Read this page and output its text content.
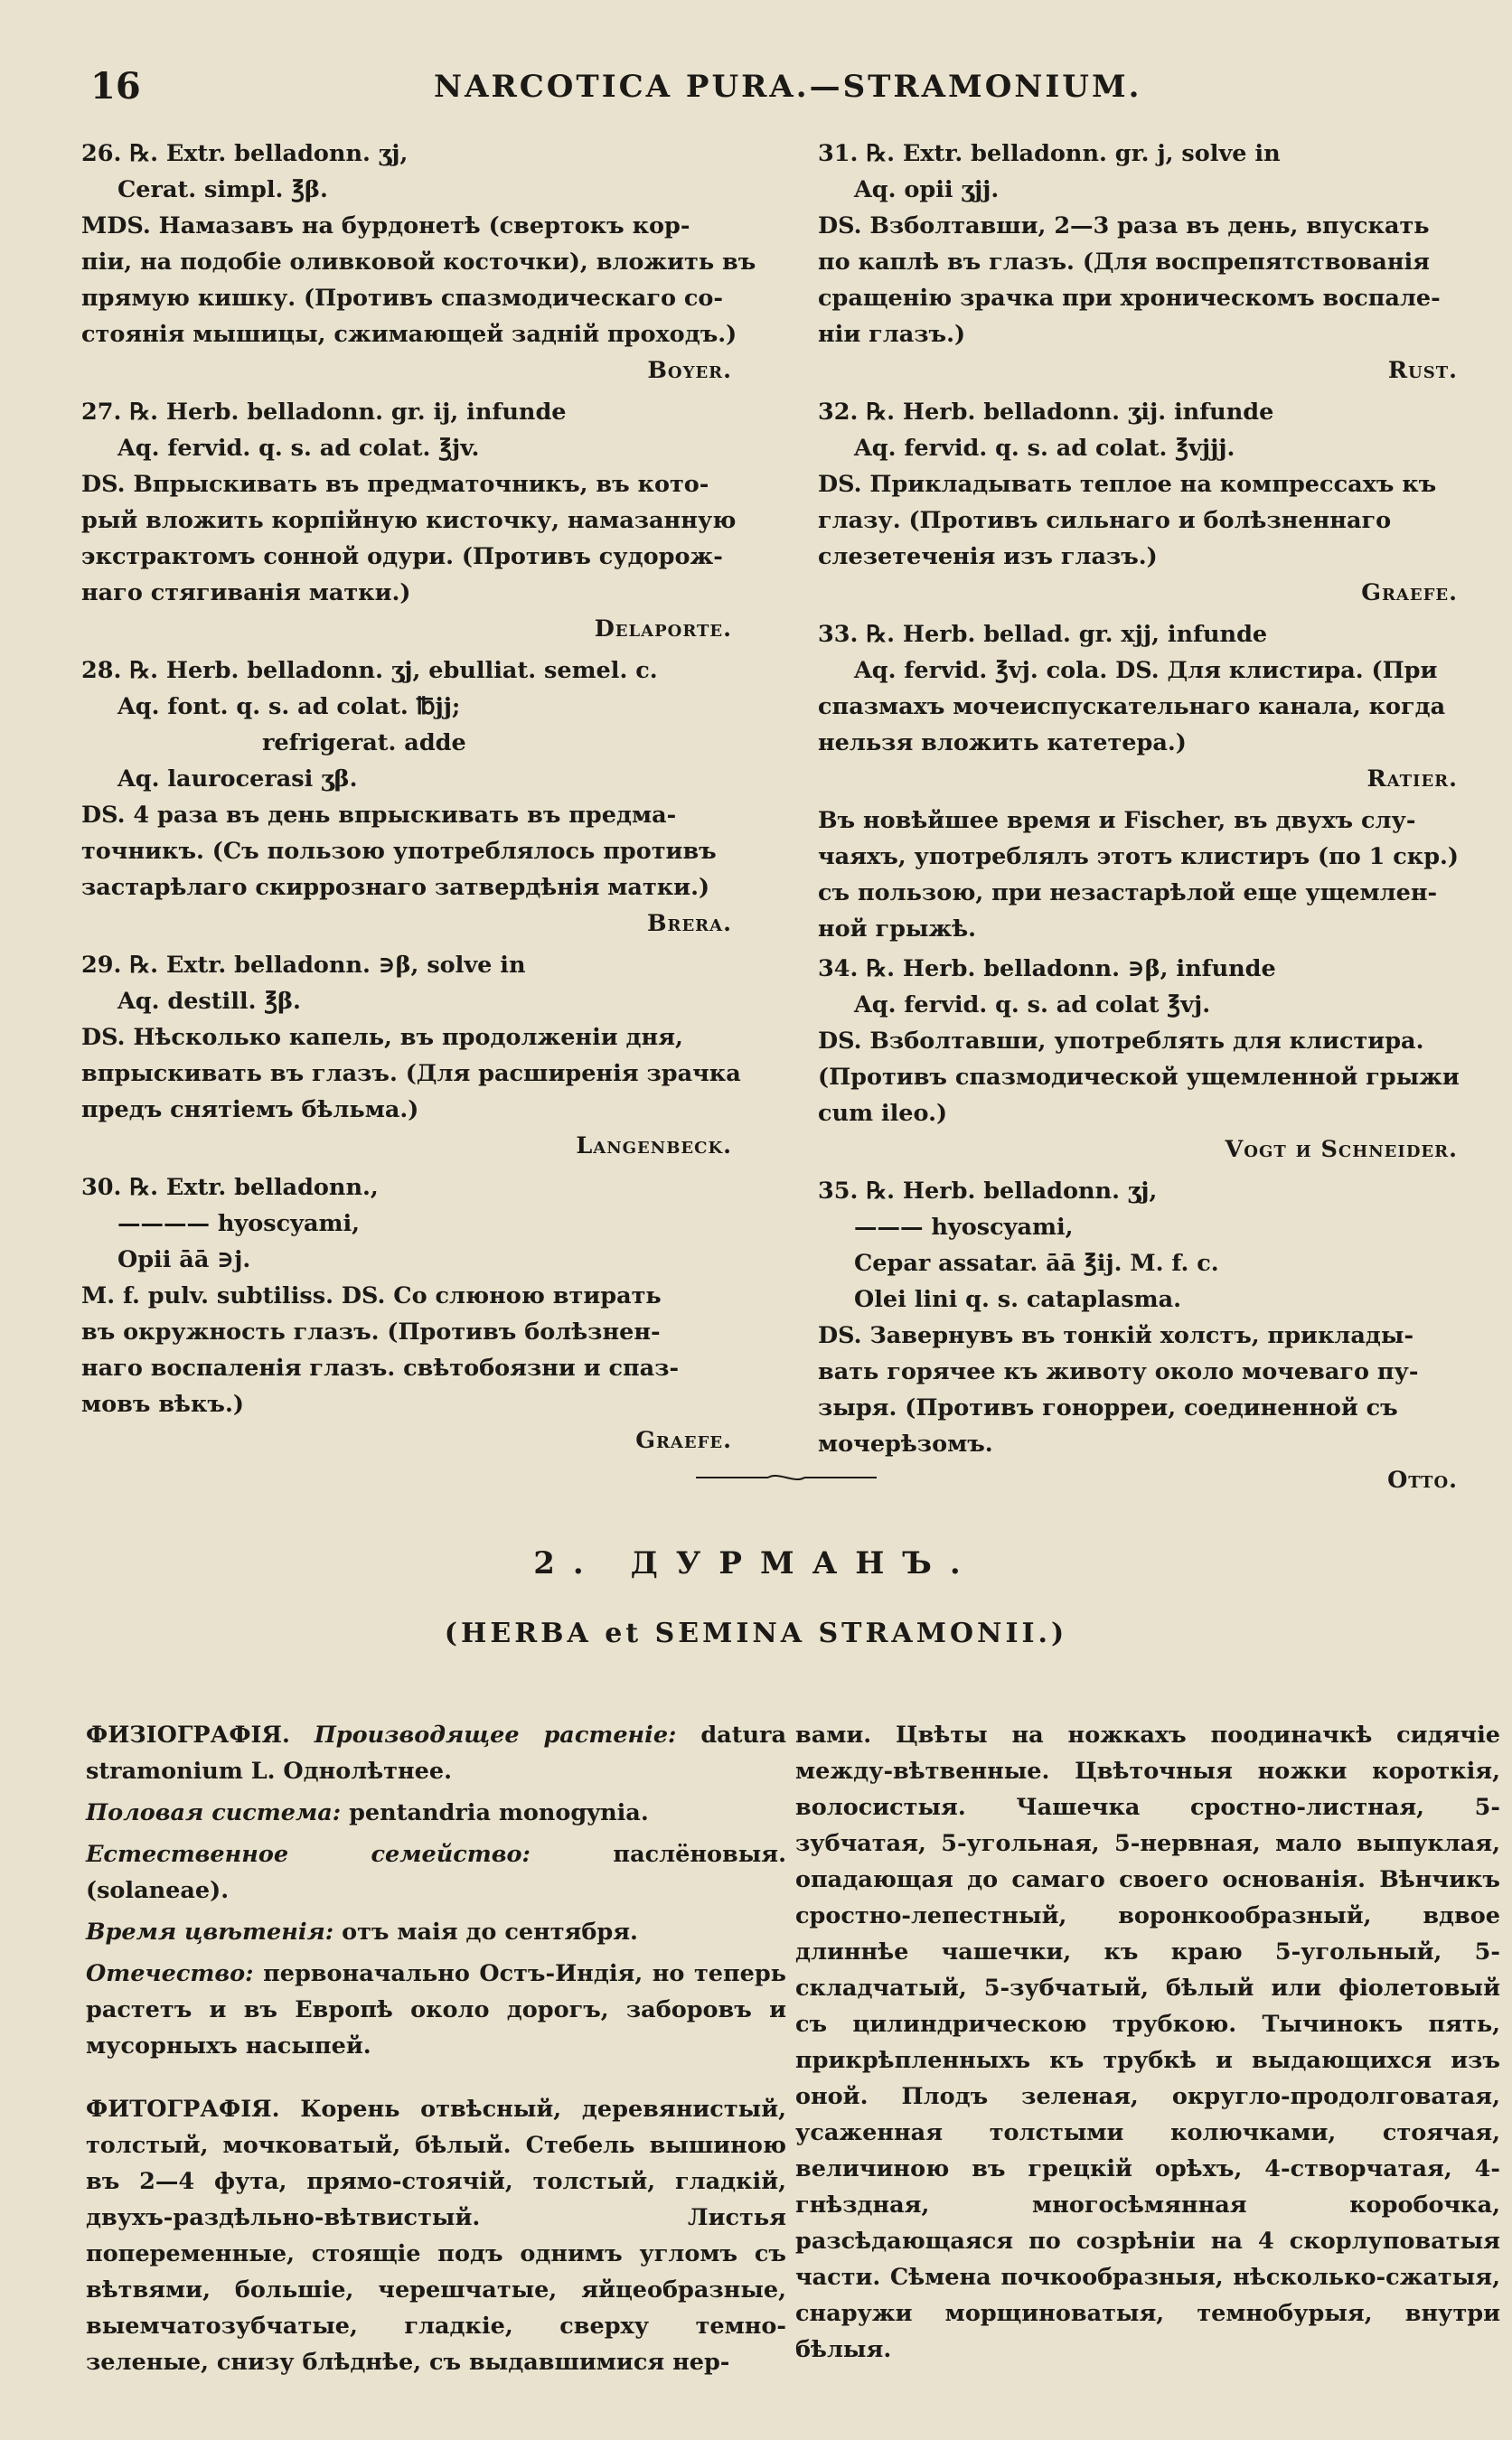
16	NARCOTICA PURA.—STRAMONIUM.
26. ℞. Extr. belladonn. ʒj,
Cerat. simpl. ℥β.
MDS. Намазавъ на бурдонетѣ (свертокъ кор-
піи, на подобіе оливковой косточки), вложить въ
прямую кишку. (Противъ спазмодическаго со-
стоянія мышицы, сжимающей заднiй проходъ.)
Boyer.
27. ℞. Herb. belladonn. gr. ij, infunde
Aq. fervid. q. s. ad colat. ℥jv.
DS. Впрыскивать въ предматочникъ, въ кото-
рый вложить корпійную кисточку, намазанную
экстрактомъ сонной одури. (Противъ судорож-
наго стягиванія матки.)
Delaporte.
28. ℞. Herb. belladonn. ʒj, ebulliat. semel. c.
Aq. font. q. s. ad colat. ℔jj;
refrigerat. adde
Aq. laurocerasi ʒβ.
DS. 4 раза въ день впрыскивать въ предма-
точникъ. (Съ пользою употреблялось противъ
застарѣлаго скиррознаго затвердѣнія матки.)
Brera.
29. ℞. Extr. belladonn. ∋β, solve in
Aq. destill. ℥β.
DS. Нѣсколько капель, въ продолженіи дня,
впрыскивать въ глазъ. (Для расширенія зрачка
предъ снятіемъ бѣльма.)
Langenbeck.
30. ℞. Extr. belladonn.,
———— hyoscyami,
Opii āā ∋j.
M. f. pulv. subtiliss. DS. Со слюною втирать
въ окружность глазъ. (Противъ болѣзнен-
наго воспаленія глазъ. свѣтобоязни и спаз-
мовъ вѣкъ.)
Graefe.
31. ℞. Extr. belladonn. gr. j, solve in
Aq. opii ʒjj.
DS. Взболтавши, 2—3 раза въ день, впускать
по каплѣ въ глазъ. (Для воспрепятствованія
сращенію зрачка при хроническомъ воспале-
ніи глазъ.)
Rust.
32. ℞. Herb. belladonn. ʒij. infunde
Aq. fervid. q. s. ad colat. ℥vjjj.
DS. Прикладывать теплое на компрессахъ къ
глазу. (Противъ сильнаго и болѣзненнаго
слезетеченія изъ глазъ.)
Graefe.
33. ℞. Herb. bellad. gr. xjj, infunde
Aq. fervid. ℥vj. cola. DS. Для клистира. (При
спазмахъ мочеиспускательнаго канала, когда
нельзя вложить катетера.)
Ratier.
Въ новѣйшее время и Fischer, въ двухъ слу-
чаяхъ, употреблялъ этотъ клистиръ (по 1 скр.)
съ пользою, при незастарѣлой еще ущемлен-
ной грыжѣ.
34. ℞. Herb. belladonn. ∋β, infunde
Aq. fervid. q. s. ad colat ℥vj.
DS. Взболтавши, употреблять для клистира.
(Противъ спазмодической ущемленной грыжи
cum ileo.)
Vogt и Schneider.
35. ℞. Herb. belladonn. ʒj,
——— hyoscyami,
Cepar assatar. āā ℥ij. M. f. c.
Olei lini q. s. cataplasma.
DS. Завернувъ въ тонкій холстъ, приклады-
вать горячее къ животу около мочеваго пу-
зыря. (Противъ гонорреи, соединенной съ
мочерѣзомъ.
Otto.
2. ДУРМАНЪ.
(HERBA et SEMINA STRAMONII.)

ФИЗІОГРАФІЯ. Производящее растеніе: datura stramonium L. Однолѣтнее.

Половая система: pentandria monogynia.

Естественное семейство:	паслёновыя. (solaneae).

Время цвѣтенія: отъ маія до сентября.

Отечество: первоначально Остъ-Индія, но теперь растетъ и въ Европѣ около дорогъ, заборовъ и мусорныхъ насыпей.

ФИТОГРАФІЯ. Корень отвѣсный, деревянистый, толстый, мочковатый, бѣлый. Стебель вышиною въ 2—4 фута, прямо-стоячій, толстый, гладкій, двухъ-раздѣльно-вѣтвистый. Листья попеременные, стоящіе подъ однимъ угломъ съ вѣтвями, большіе, черешчатые, яйцеобразные, выемчатозубчатые, гладкіе, сверху темно-зеленые, снизу блѣднѣе, съ выдавшимися нер-

вами. Цвѣты на ножкахъ поодиначкѣ сидячіе между-вѣтвенные. Цвѣточныя ножки короткія, волосистыя. Чашечка сростно-листная, 5-зубчатая, 5-угольная, 5-нервная, мало выпуклая, опадающая до самаго своего основанія. Вѣнчикъ сростно-лепестный, воронкообразный, вдвое длиннѣе чашечки, къ краю 5-угольный, 5-складчатый, 5-зубчатый, бѣлый или фіолетовый съ цилиндрическою трубкою. Тычинокъ пять, прикрѣпленныхъ къ трубкѣ и выдающихся изъ оной. Плодъ зеленая, округло-продолговатая, усаженная толстыми колючками, стоячая, величиною въ грецкій орѣхъ, 4-створчатая, 4-гнѣздная, многосѣмянная коробочка, разсѣдающаяся по созрѣніи на 4 скорлуповатыя части. Сѣмена почкообразныя, нѣсколько-сжатыя, снаружи морщиноватыя, темнобурыя, внутри бѣлыя.
